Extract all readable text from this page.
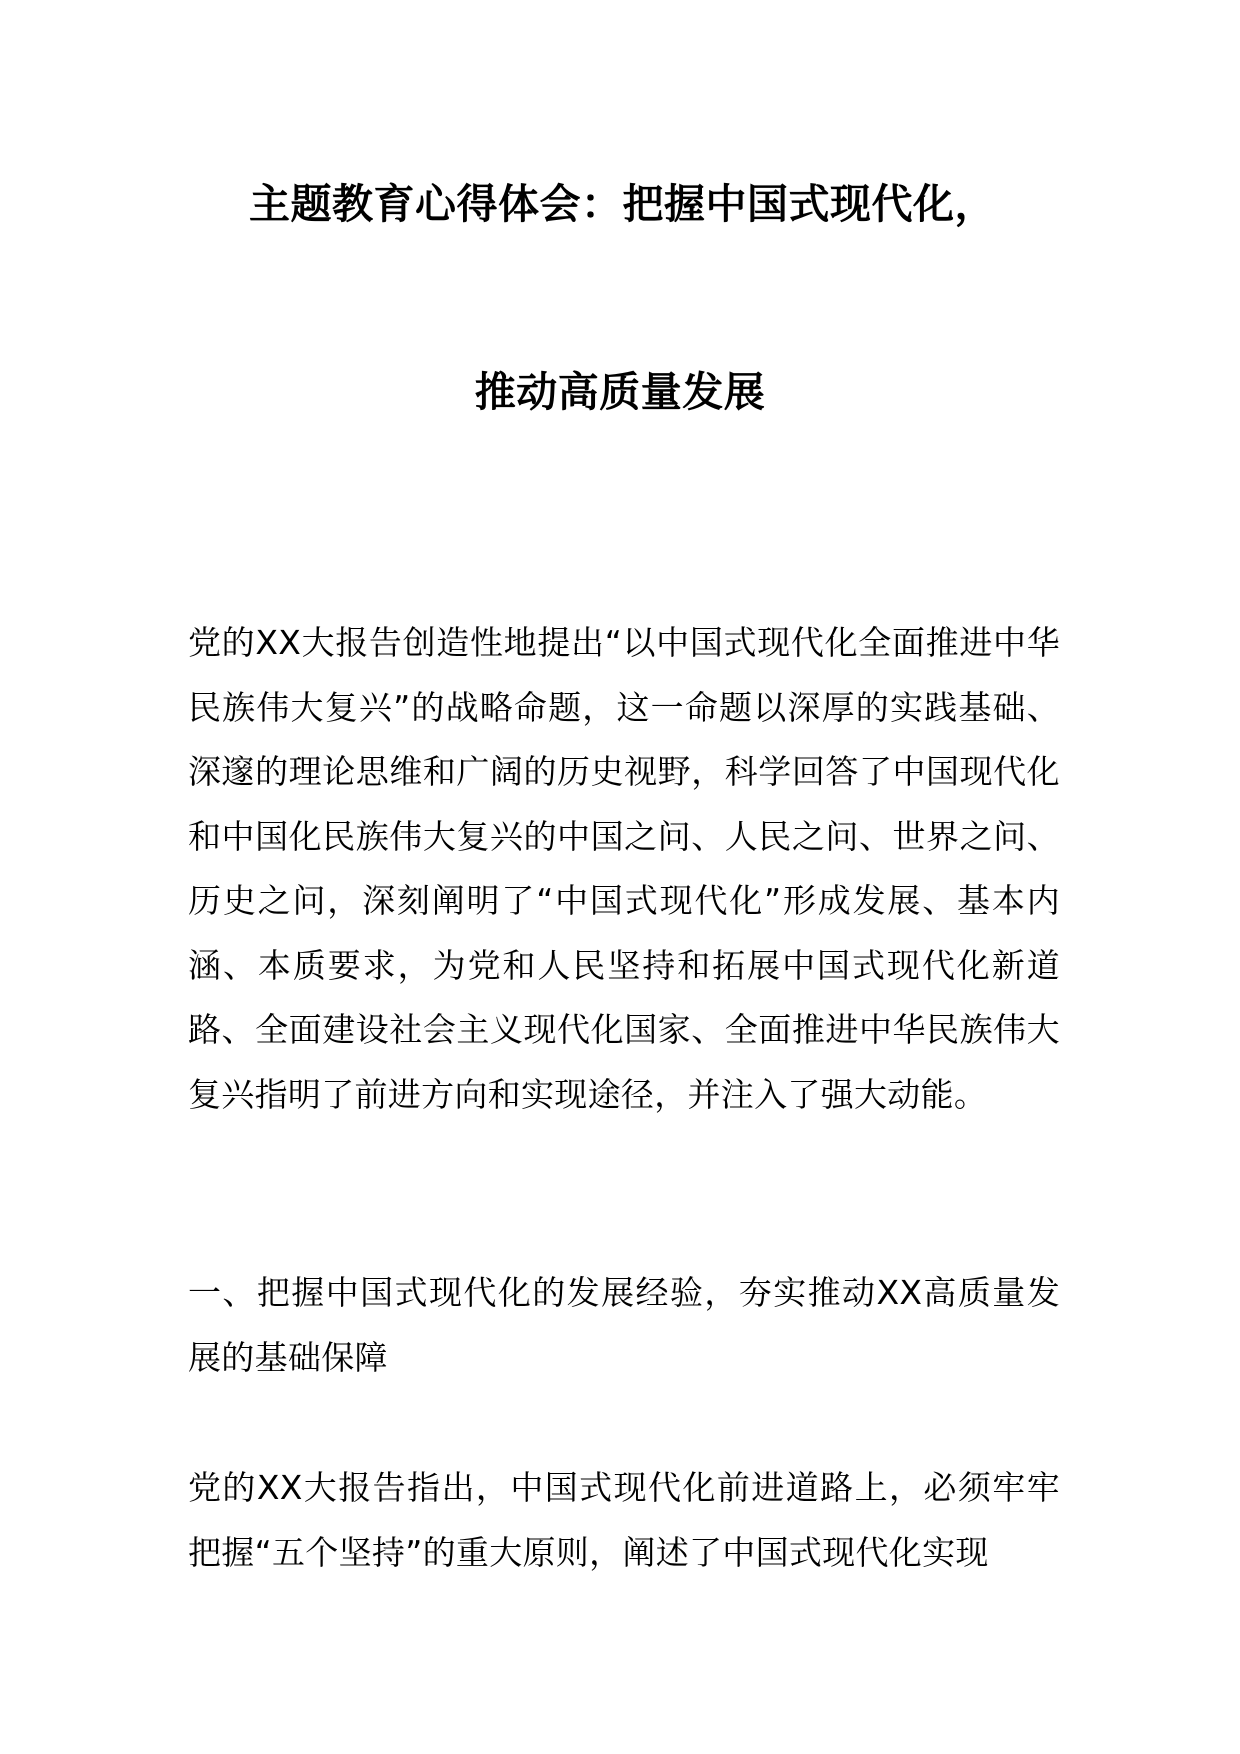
主题教育心得体会：把握中国式现代化，
推动高质量发展
党的XX大报告创造性地提出“以中国式现代化全面推进中华民族伟大复兴”的战略命题，这一命题以深厚的实践基础、深邃的理论思维和广阔的历史视野，科学回答了中国现代化和中国化民族伟大复兴的中国之问、人民之问、世界之问、历史之问，深刻阐明了“中国式现代化”形成发展、基本内涵、本质要求，为党和人民坚持和拓展中国式现代化新道路、全面建设社会主义现代化国家、全面推进中华民族伟大复兴指明了前进方向和实现途径，并注入了强大动能。
一、把握中国式现代化的发展经验，夯实推动XX高质量发展的基础保障
党的XX大报告指出，中国式现代化前进道路上，必须牢牢把握“五个坚持”的重大原则，阐述了中国式现代化实现
